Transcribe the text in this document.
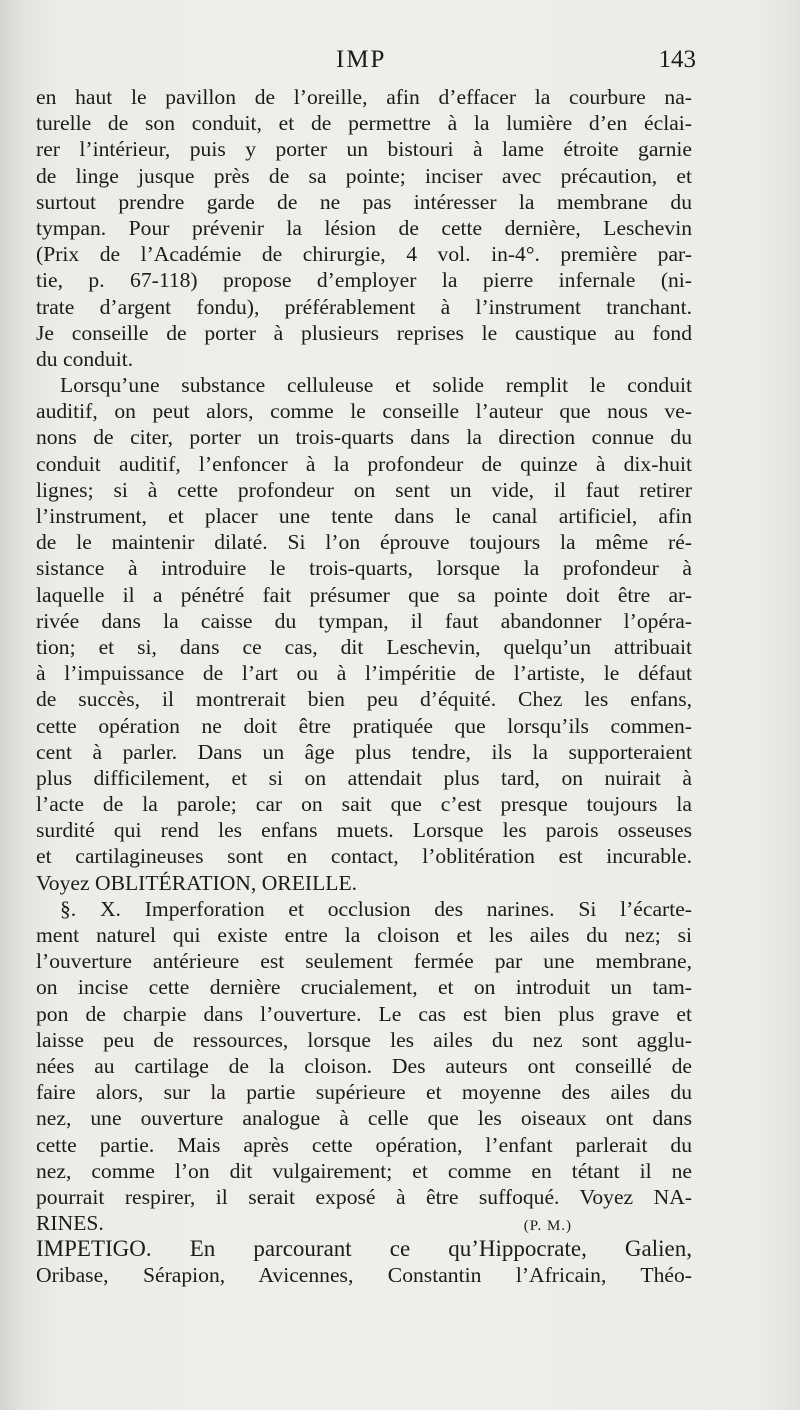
IMP	143
en haut le pavillon de l’oreille, afin d’effacer la courbure na-
turelle de son conduit, et de permettre à la lumière d’en éclai-
rer l’intérieur, puis y porter un bistouri à lame étroite garnie
de linge jusque près de sa pointe; inciser avec précaution, et
surtout prendre garde de ne pas intéresser la membrane du
tympan. Pour prévenir la lésion de cette dernière, Leschevin
(Prix de l’Académie de chirurgie, 4 vol. in-4°. première par-
tie, p. 67-118) propose d’employer la pierre infernale (ni-
trate d’argent fondu), préférablement à l’instrument tranchant.
Je conseille de porter à plusieurs reprises le caustique au fond
du conduit.
Lorsqu’une substance celluleuse et solide remplit le conduit
auditif, on peut alors, comme le conseille l’auteur que nous ve-
nons de citer, porter un trois-quarts dans la direction connue du
conduit auditif, l’enfoncer à la profondeur de quinze à dix-huit
lignes; si à cette profondeur on sent un vide, il faut retirer
l’instrument, et placer une tente dans le canal artificiel, afin
de le maintenir dilaté. Si l’on éprouve toujours la même ré-
sistance à introduire le trois-quarts, lorsque la profondeur à
laquelle il a pénétré fait présumer que sa pointe doit être ar-
rivée dans la caisse du tympan, il faut abandonner l’opéra-
tion; et si, dans ce cas, dit Leschevin, quelqu’un attribuait
à l’impuissance de l’art ou à l’impéritie de l’artiste, le défaut
de succès, il montrerait bien peu d’équité. Chez les enfans,
cette opération ne doit être pratiquée que lorsqu’ils commen-
cent à parler. Dans un âge plus tendre, ils la supporteraient
plus difficilement, et si on attendait plus tard, on nuirait à
l’acte de la parole; car on sait que c’est presque toujours la
surdité qui rend les enfans muets. Lorsque les parois osseuses
et cartilagineuses sont en contact, l’oblitération est incurable.
Voyez OBLITÉRATION, OREILLE.
§. X. Imperforation et occlusion des narines. Si l’écarte-
ment naturel qui existe entre la cloison et les ailes du nez; si
l’ouverture antérieure est seulement fermée par une membrane,
on incise cette dernière crucialement, et on introduit un tam-
pon de charpie dans l’ouverture. Le cas est bien plus grave et
laisse peu de ressources, lorsque les ailes du nez sont agglu-
nées au cartilage de la cloison. Des auteurs ont conseillé de
faire alors, sur la partie supérieure et moyenne des ailes du
nez, une ouverture analogue à celle que les oiseaux ont dans
cette partie. Mais après cette opération, l’enfant parlerait du
nez, comme l’on dit vulgairement; et comme en tétant il ne
pourrait respirer, il serait exposé à être suffoqué. Voyez NA-
RINES.	(P. M.)
IMPETIGO. En parcourant ce qu’Hippocrate, Galien,
Oribase, Sérapion, Avicennes, Constantin l’Africain, Théo-
